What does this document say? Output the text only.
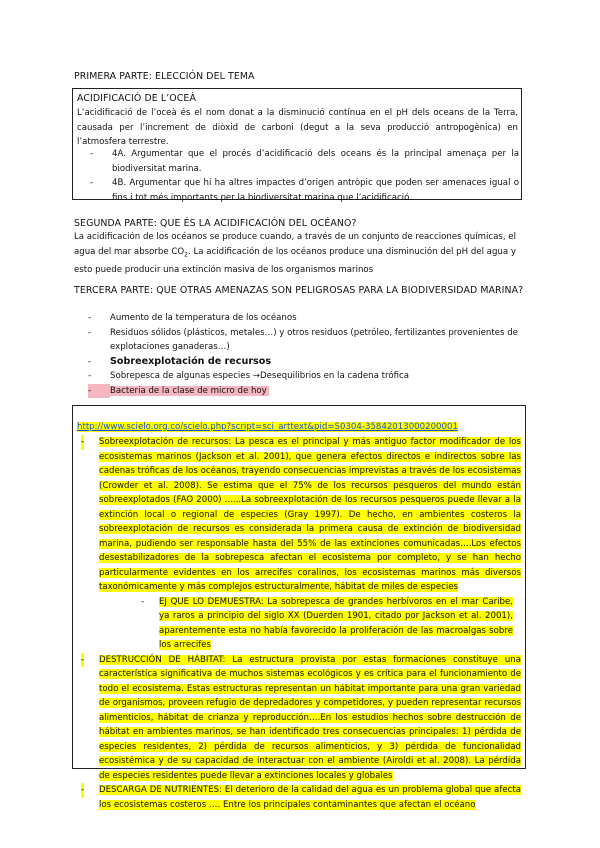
PRIMERA PARTE: ELECCIÓN DEL TEMA
ACIDIFICACIÓ DE L’OCEÀ
L’acidificació de l’oceà és el nom donat a la disminució contínua en el pH dels oceans de la Terra, causada per l’increment de diòxid de carboni (degut a la seva producció antropogènica) en l’atmosfera terrestre.
- 4A. Argumentar que el procés d’acidificació dels oceans és la principal amenaça per la biodiversitat marina.
- 4B. Argumentar que hi ha altres impactes d’origen antròpic que poden ser amenaces igual o fins i tot més importants per la biodiversitat marina que l’acidificació.
SEGUNDA PARTE: QUE ÉS LA ACIDIFICACIÓN DEL OCÉANO?
La acidificación de los océanos se produce cuando, a través de un conjunto de reacciones químicas, el agua del mar absorbe $CO_2$. La acidificación de los océanos produce una disminución del pH del agua y esto puede producir una extinción masiva de los organismos marinos
TERCERA PARTE: QUE OTRAS AMENAZAS SON PELIGROSAS PARA LA BIODIVERSIDAD MARINA?
- Aumento de la temperatura de los océanos
- Residuos sólidos (plásticos, metales…) y otros residuos (petróleo, fertilizantes provenientes de explotaciones ganaderas…)
- Sobreexplotación de recursos
- Sobrepesca de algunas especies →Desequilibrios en la cadena trófica
-	Bacteria de la clase de micro de hoy
http://www.scielo.org.co/scielo.php?script=sci_arttext&pid=S0304-35842013000200001

- Sobreexplotación de recursos: La pesca es el principal y más antiguo factor modificador de los ecosistemas marinos (Jackson et al. 2001), que genera efectos directos e indirectos sobre las cadenas tróficas de los océanos, trayendo consecuencias imprevistas a través de los ecosistemas (Crowder et al. 2008). Se estima que el 75% de los recursos pesqueros del mundo están sobreexplotados (FAO 2000) ......La sobreexplotación de los recursos pesqueros puede llevar a la extinción local o regional de especies (Gray 1997). De hecho, en ambientes costeros la sobreexplotación de recursos es considerada la primera causa de extinción de biodiversidad marina, pudiendo ser responsable hasta del 55% de las extinciones comunicadas….Los efectos desestabilizadores de la sobrepesca afectan el ecosistema por completo, y se han hecho particularmente evidentes en los arrecifes coralinos, los ecosistemas marinos más diversos taxonómicamente y más complejos estructuralmente, hábitat de miles de especies

- EJ QUE LO DEMUESTRA: La sobrepesca de grandes herbívoros en el mar Caribe, ya raros a principio del siglo XX (Duerden 1901, citado por Jackson et al. 2001), aparentemente esta no había favorecido la proliferación de las macroalgas sobre los arrecifes

- DESTRUCCIÓN DE HÁBITAT: La estructura provista por estas formaciones constituye una característica significativa de muchos sistemas ecológicos y es crítica para el funcionamiento de todo el ecosistema. Estas estructuras representan un hábitat importante para una gran variedad de organismos, proveen refugio de depredadores y competidores, y pueden representar recursos alimenticios, hábitat de crianza y reproducción….En los estudios hechos sobre destrucción de hábitat en ambientes marinos, se han identificado tres consecuencias principales: 1) pérdida de especies residentes, 2) pérdida de recursos alimenticios, y 3) pérdida de funcionalidad ecosistémica y de su capacidad de interactuar con el ambiente (Airoldi et al. 2008). La pérdida de especies residentes puede llevar a extinciones locales y globales

- DESCARGA DE NUTRIENTES: El deterioro de la calidad del agua es un problema global que afecta los ecosistemas costeros …. Entre los principales contaminantes que afectan el océano
